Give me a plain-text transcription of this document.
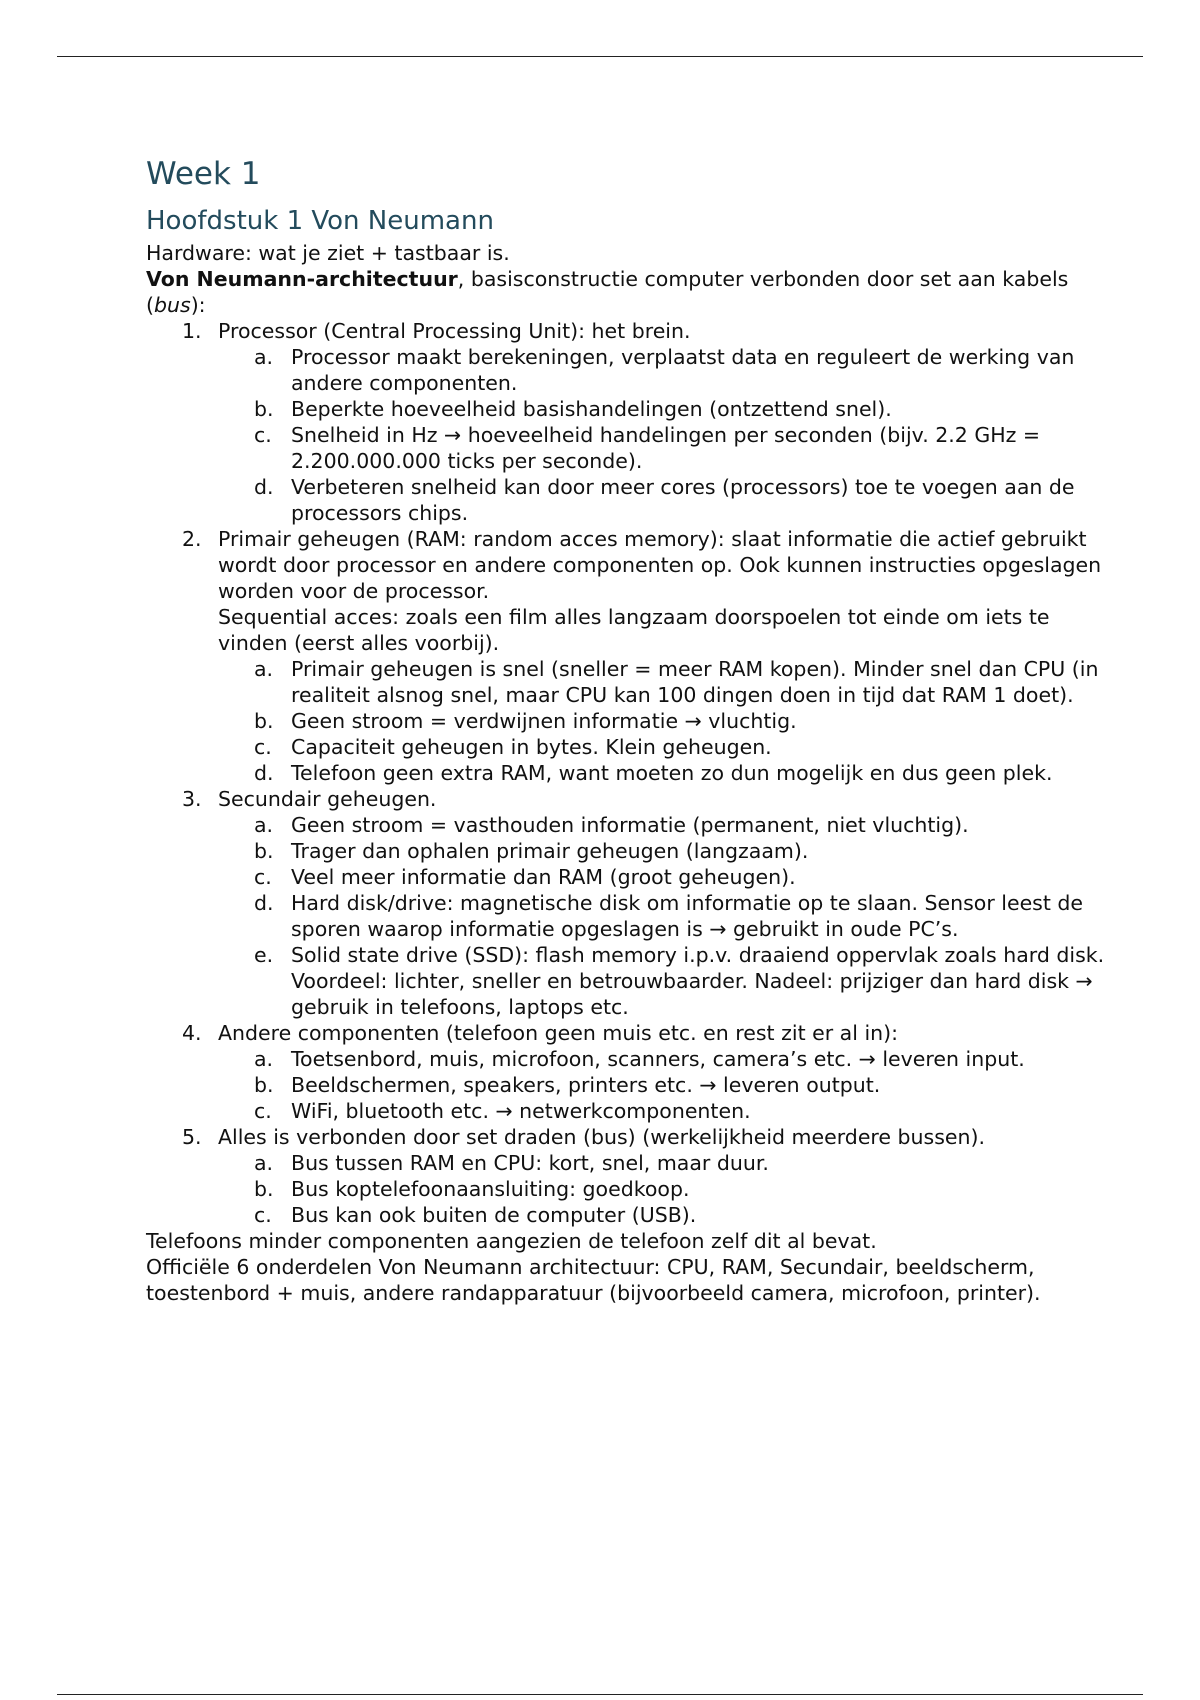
Week 1
Hoofdstuk 1 Von Neumann

Hardware: wat je ziet + tastbaar is.

Von Neumann-architectuur, basisconstructie computer verbonden door set aan kabels (bus):

1. Processor (Central Processing Unit): het brein.
a. Processor maakt berekeningen, verplaatst data en reguleert de werking van andere componenten.
b. Beperkte hoeveelheid basishandelingen (ontzettend snel).
c. Snelheid in Hz → hoeveelheid handelingen per seconden (bijv. 2.2 GHz = 2.200.000.000 ticks per seconde).
d. Verbeteren snelheid kan door meer cores (processors) toe te voegen aan de processors chips.
2. Primair geheugen (RAM: random acces memory): slaat informatie die actief gebruikt wordt door processor en andere componenten op. Ook kunnen instructies opgeslagen worden voor de processor.
Sequential acces: zoals een film alles langzaam doorspoelen tot einde om iets te vinden (eerst alles voorbij).
a. Primair geheugen is snel (sneller = meer RAM kopen). Minder snel dan CPU (in realiteit alsnog snel, maar CPU kan 100 dingen doen in tijd dat RAM 1 doet).
b. Geen stroom = verdwijnen informatie → vluchtig.
c. Capaciteit geheugen in bytes. Klein geheugen.
d. Telefoon geen extra RAM, want moeten zo dun mogelijk en dus geen plek.
3. Secundair geheugen.
a. Geen stroom = vasthouden informatie (permanent, niet vluchtig).
b. Trager dan ophalen primair geheugen (langzaam).
c. Veel meer informatie dan RAM (groot geheugen).
d. Hard disk/drive: magnetische disk om informatie op te slaan. Sensor leest de sporen waarop informatie opgeslagen is → gebruikt in oude PC’s.
e. Solid state drive (SSD): flash memory i.p.v. draaiend oppervlak zoals hard disk. Voordeel: lichter, sneller en betrouwbaarder. Nadeel: prijziger dan hard disk → gebruik in telefoons, laptops etc.
4. Andere componenten (telefoon geen muis etc. en rest zit er al in):
a. Toetsenbord, muis, microfoon, scanners, camera’s etc. → leveren input.
b. Beeldschermen, speakers, printers etc. → leveren output.
c. WiFi, bluetooth etc. → netwerkcomponenten.
5. Alles is verbonden door set draden (bus) (werkelijkheid meerdere bussen).
a. Bus tussen RAM en CPU: kort, snel, maar duur.
b. Bus koptelefoonaansluiting: goedkoop.
c. Bus kan ook buiten de computer (USB).

Telefoons minder componenten aangezien de telefoon zelf dit al bevat.

Officiële 6 onderdelen Von Neumann architectuur: CPU, RAM, Secundair, beeldscherm, toestenbord + muis, andere randapparatuur (bijvoorbeeld camera, microfoon, printer).
